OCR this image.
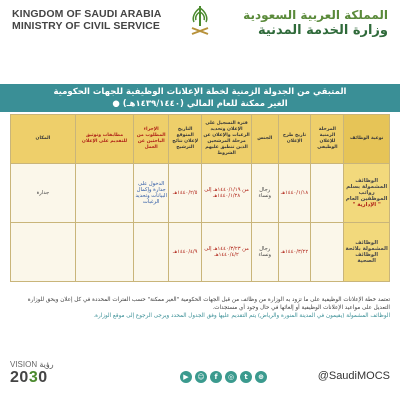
KINGDOM OF SAUDI ARABIA
MINISTRY OF CIVIL SERVICE
المملكة العربية السعودية
وزارة الخدمة المدنية
المتبقي من الجدولة الزمنية لخطة الإعلانات الوظيفية للجهات الحكومية
الغير ممكنة للعام المالي (١٤٣٩/١٤٤٠هـ) ●
نوعية الوظائف	المرحلة الزمنية للإعلان الوظيفي	تاريخ طرح الإعلان	الجنس	فترة التسجيل على الإعلان وتحديد الرغبات والإعلان عن مرحلة المرشحين الذين تنطبق عليهم الشروط	التاريخ المتوقع لإعلان نتائج الترشيح	الإجراء المطلوب من الباحثين عن العمل	مطابقات وتوثيق للتقديم على الإعلان	المكان
الوظائف المشمولة بسلم رواتب الموظفين العام
" الإدارية "		١٤٤٠/١/١٨هـ	رجال ونساء	من ١٤٤٠/١/١٩هـ إلى ١٤٤٠/١/٢٨هـ	١٤٤٠/٢/٥هـ	الدخول على جدارة وإكمال البيانات وتحديد الرغبات		جدارة
الوظائف المشمولة بلائحة الوظائف الصحية		١٤٤٠/٣/٢٢هـ	رجال ونساء	من ١٤٤٠/٣/٢٣هـ إلى ١٤٤٠/٤/٢هـ	١٤٤٠/٤/٩هـ			
تعتمد خطة الإعلانات الوظيفية على ما تزود به الوزارة من وظائف من قبل الجهات الحكومية "الغير ممكنة" حسب الفترات المحددة في كل إعلان ويحق للوزارة التعديل على مواعيد الإعلانات الوظيفية أو إلغائها في حال وجود أي مستجدات.
الوظائف المشمولة (يقيمون في المدينة المنورة والرياض) يتم التقديم عليها وفق الجدول المحدد ويرجى الرجوع إلى موقع الوزارة.
VISION رؤية
2030	▶	☺	f	◎	t	⊕	@SaudiMOCS
